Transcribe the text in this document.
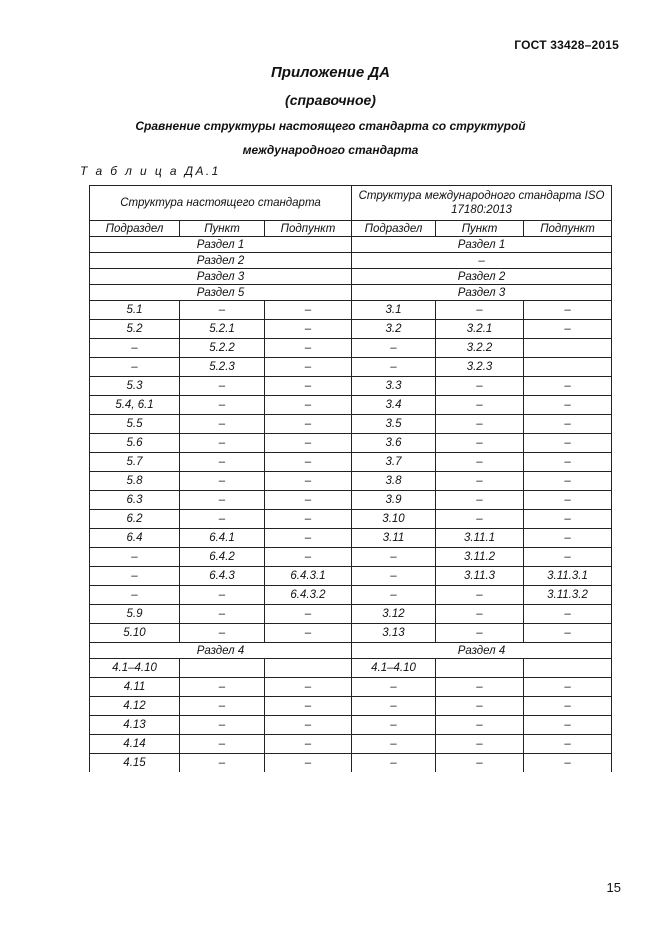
ГОСТ 33428–2015
Приложение ДА
(справочное)
Сравнение структуры настоящего стандарта со структурой
международного стандарта
Т а б л и ц а ДА.1
Структура настоящего стандарта			Структура международного стандарта ISO 17180:2013		
Подраздел	Пункт	Подпункт	Подраздел	Пункт	Подпункт
Раздел 1			Раздел 1		
Раздел 2			–		
Раздел 3			Раздел 2		
Раздел 5			Раздел 3		
5.1	–	–	3.1	–	–
5.2	5.2.1	–	3.2	3.2.1	–
–	5.2.2	–	–	3.2.2	
–	5.2.3	–	–	3.2.3	
5.3	–	–	3.3	–	–
5.4, 6.1	–	–	3.4	–	–
5.5	–	–	3.5	–	–
5.6	–	–	3.6	–	–
5.7	–	–	3.7	–	–
5.8	–	–	3.8	–	–
6.3	–	–	3.9	–	–
6.2	–	–	3.10	–	–
6.4	6.4.1	–	3.11	3.11.1	–
–	6.4.2	–	–	3.11.2	–
–	6.4.3	6.4.3.1	–	3.11.3	3.11.3.1
–	–	6.4.3.2	–	–	3.11.3.2
5.9	–	–	3.12	–	–
5.10	–	–	3.13	–	–
Раздел 4			Раздел 4		
4.1–4.10			4.1–4.10		
4.11	–	–	–	–	–
4.12	–	–	–	–	–
4.13	–	–	–	–	–
4.14	–	–	–	–	–
4.15	–	–	–	–	–
15
